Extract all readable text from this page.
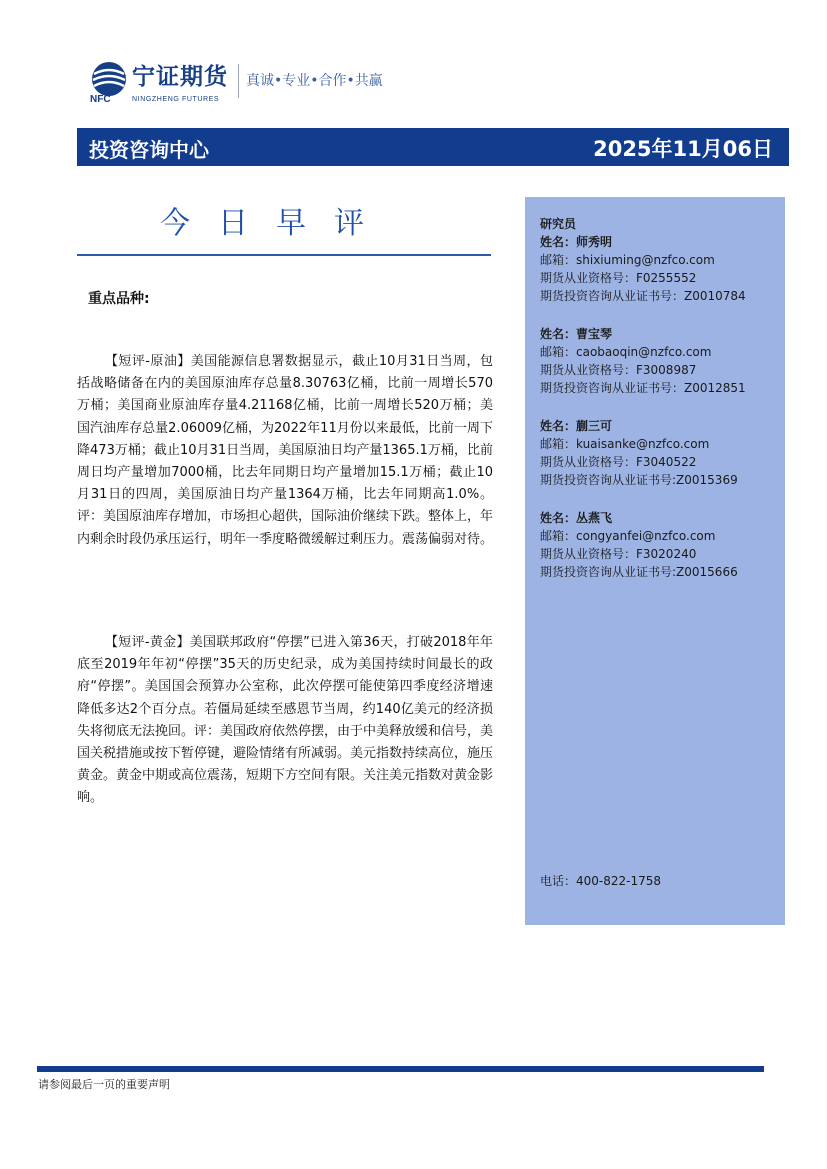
宁证期货
NFC	NINGZHENG FUTURES
真诚•专业•合作•共赢
投资咨询中心	2025年11月06日
今日早评
重点品种:
【短评-原油】美国能源信息署数据显示，截止10月31日当周，包括战略储备在内的美国原油库存总量8.30763亿桶，比前一周增长570万桶；美国商业原油库存量4.21168亿桶，比前一周增长520万桶；美国汽油库存总量2.06009亿桶，为2022年11月份以来最低，比前一周下降473万桶；截止10月31日当周，美国原油日均产量1365.1万桶，比前周日均产量增加7000桶，比去年同期日均产量增加15.1万桶；截止10月31日的四周，美国原油日均产量1364万桶，比去年同期高1.0%。评：美国原油库存增加，市场担心超供，国际油价继续下跌。整体上，年内剩余时段仍承压运行，明年一季度略微缓解过剩压力。震荡偏弱对待。
【短评-黄金】美国联邦政府“停摆”已进入第36天，打破2018年年底至2019年年初“停摆”35天的历史纪录，成为美国持续时间最长的政府“停摆”。美国国会预算办公室称，此次停摆可能使第四季度经济增速降低多达2个百分点。若僵局延续至感恩节当周，约140亿美元的经济损失将彻底无法挽回。评：美国政府依然停摆，由于中美释放缓和信号，美国关税措施或按下暂停键，避险情绪有所减弱。美元指数持续高位，施压黄金。黄金中期或高位震荡，短期下方空间有限。关注美元指数对黄金影响。
研究员
姓名：师秀明
邮箱：shixiuming@nzfco.com
期货从业资格号：F0255552
期货投资咨询从业证书号：Z0010784
姓名：曹宝琴
邮箱：caobaoqin@nzfco.com
期货从业资格号：F3008987
期货投资咨询从业证书号：Z0012851
姓名：蒯三可
邮箱：kuaisanke@nzfco.com
期货从业资格号：F3040522
期货投资咨询从业证书号:Z0015369
姓名：丛燕飞
邮箱：congyanfei@nzfco.com
期货从业资格号：F3020240
期货投资咨询从业证书号:Z0015666
电话：400-822-1758
请参阅最后一页的重要声明
